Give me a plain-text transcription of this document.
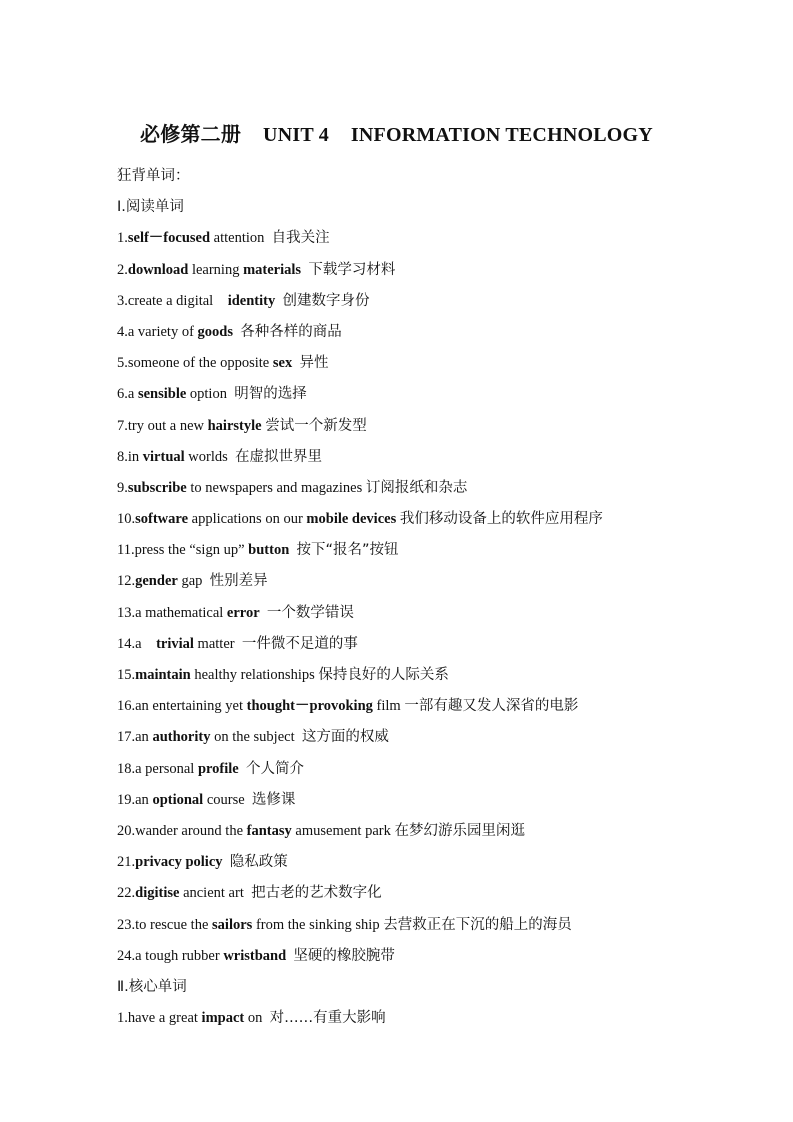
必修第二册 UNIT 4 INFORMATION TECHNOLOGY
狂背单词：
Ⅰ.阅读单词
1.self－focused attention  自我关注
2.download learning materials 下载学习材料
3.create a digital    identity 创建数字身份
4.a variety of goods 各种各样的商品
5.someone of the opposite sex 异性
6.a sensible option  明智的选择
7.try out a new hairstyle 尝试一个新发型
8.in virtual worlds  在虚拟世界里
9.subscribe to newspapers and magazines 订阅报纸和杂志
10.software applications on our mobile devices 我们移动设备上的软件应用程序
11.press the “sign up” button 按下“报名”按钮
12.gender gap  性别差异
13.a mathematical error 一个数学错误
14.a    trivial matter  一件微不足道的事
15.maintain healthy relationships 保持良好的人际关系
16.an entertaining yet thought－provoking film 一部有趣又发人深省的电影
17.an authority on the subject  这方面的权威
18.a personal profile 个人简介
19.an optional course  选修课
20.wander around the fantasy amusement park 在梦幻游乐园里闲逛
21.privacy policy 隐私政策
22.digitise ancient art  把古老的艺术数字化
23.to rescue the sailors from the sinking ship 去营救正在下沉的船上的海员
24.a tough rubber wristband 坚硬的橡胶腕带
Ⅱ.核心单词
1.have a great impact on  对……有重大影响
